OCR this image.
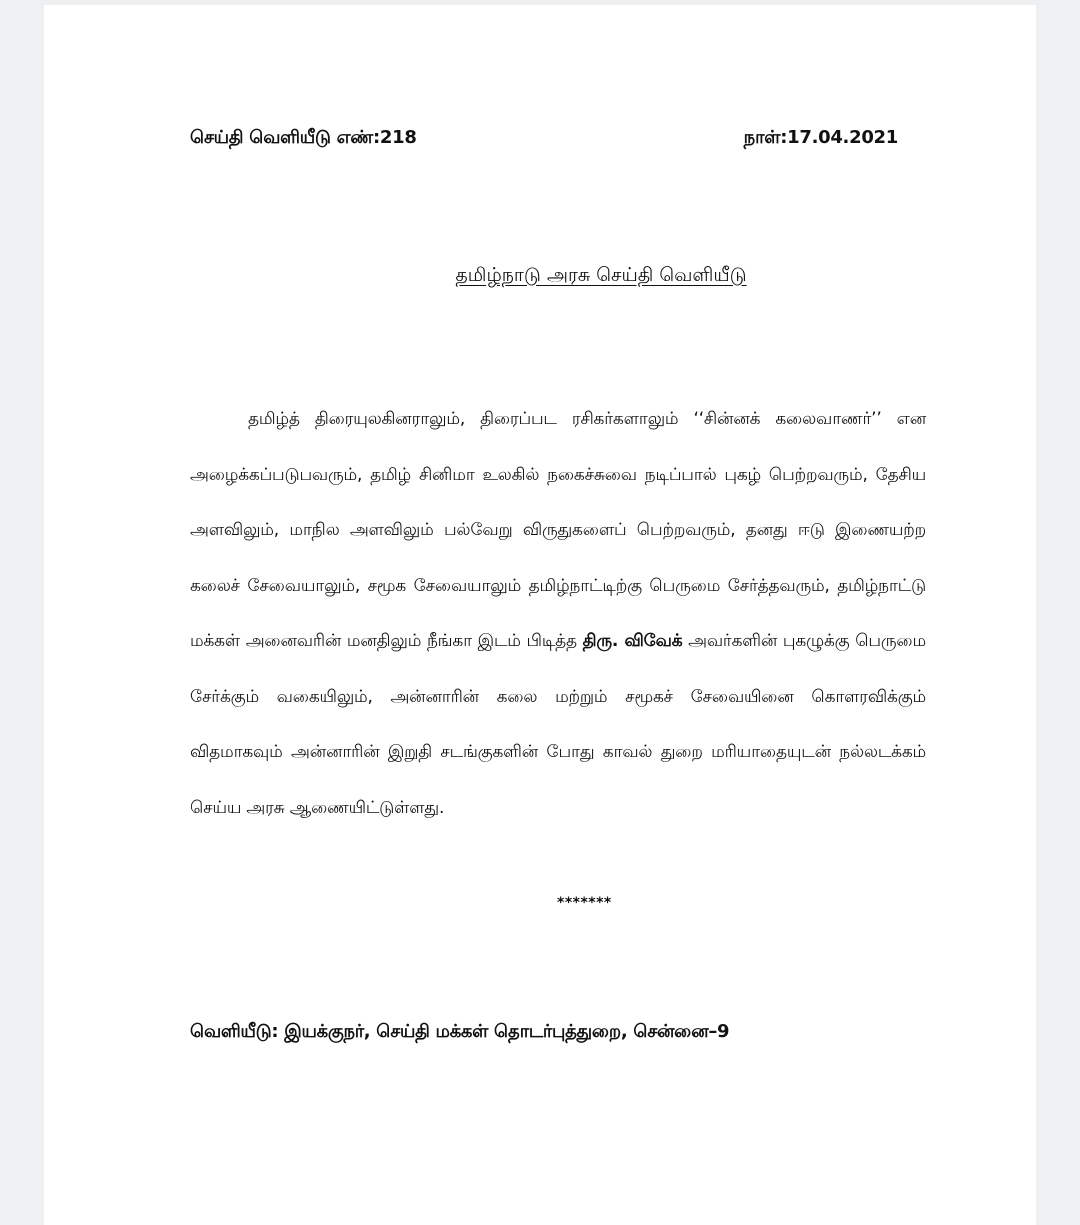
செய்தி வெளியீடு எண்:218	நாள்:17.04.2021
தமிழ்நாடு அரசு செய்தி வெளியீடு

தமிழ்த் திரையுலகினராலும், திரைப்பட ரசிகர்களாலும் ‘‘சின்னக் கலைவாணர்’’ என அழைக்கப்படுபவரும், தமிழ் சினிமா உலகில் நகைச்சுவை நடிப்பால் புகழ் பெற்றவரும், தேசிய அளவிலும், மாநில அளவிலும் பல்வேறு விருதுகளைப் பெற்றவரும், தனது ஈடு இணையற்ற கலைச் சேவையாலும், சமூக சேவையாலும் தமிழ்நாட்டிற்கு பெருமை சேர்த்தவரும், தமிழ்நாட்டு மக்கள் அனைவரின் மனதிலும் நீங்கா இடம் பிடித்த திரு. விவேக் அவர்களின் புகழுக்கு பெருமை சேர்க்கும் வகையிலும், அன்னாரின் கலை மற்றும் சமூகச் சேவையினை கொளரவிக்கும் விதமாகவும் அன்னாரின் இறுதி சடங்குகளின் போது காவல் துறை மரியாதையுடன் நல்லடக்கம் செய்ய அரசு ஆணையிட்டுள்ளது.

*******
வெளியீடு: இயக்குநர், செய்தி மக்கள் தொடர்புத்துறை, சென்னை–9
